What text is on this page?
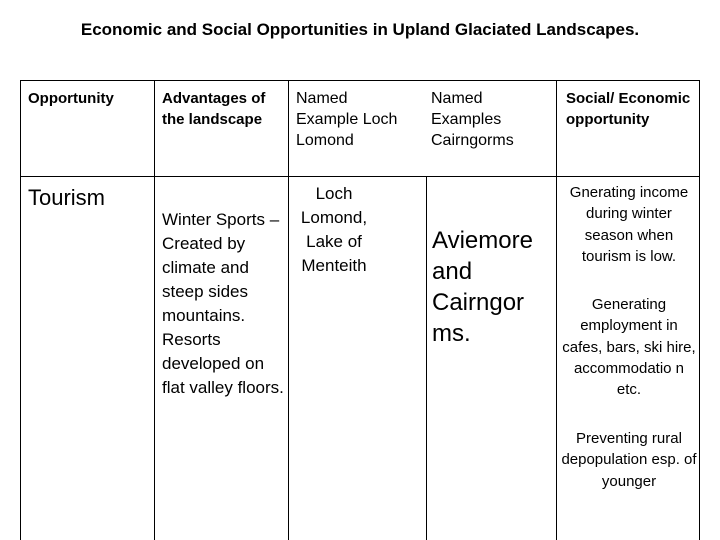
Economic and Social Opportunities in Upland Glaciated Landscapes.
Opportunity	Advantages of the landscape
Named Example Loch Lomond
Named Examples Cairngorms
Social/ Economic opportunity
Tourism
Winter Sports – Created by climate and steep sides mountains. Resorts developed on flat valley floors.
Loch Lomond, Lake of Menteith
Aviemore and Cairngor ms.
Gnerating income during winter season when tourism is low.
Generating employment in cafes, bars, ski hire, accommodatio n etc.
Preventing rural depopulation esp. of younger
